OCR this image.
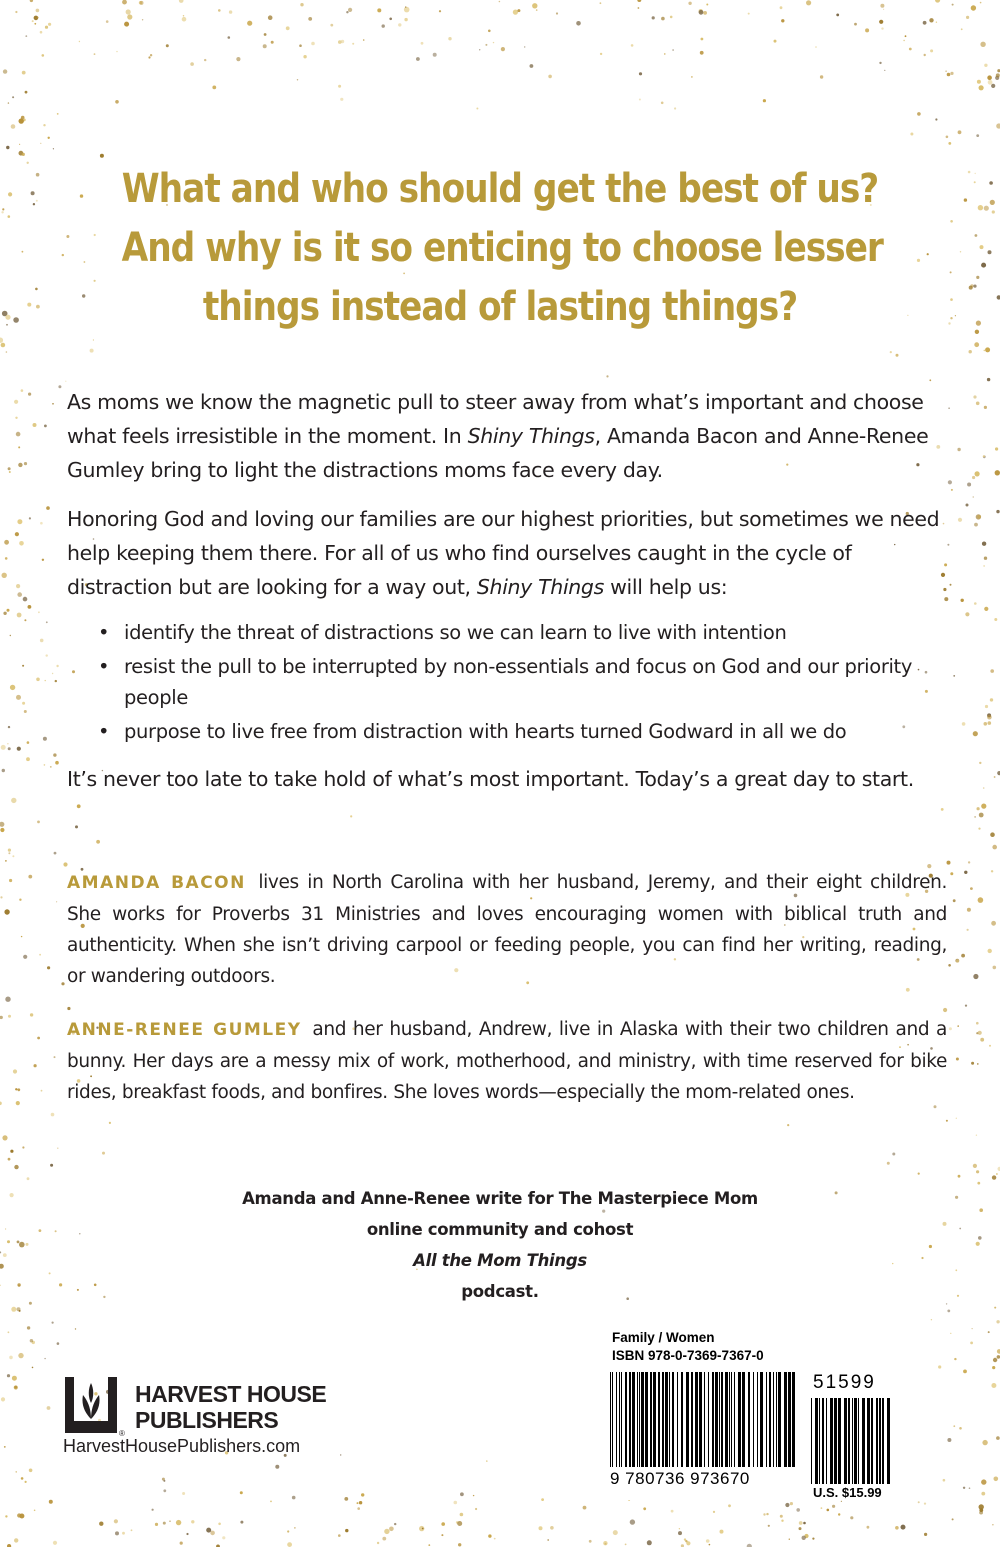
What and who should get the best of us?
And why is it so enticing to choose lesser
things instead of lasting things?

As moms we know the magnetic pull to steer away from what’s important and choose what feels irresistible in the moment. In Shiny Things, Amanda Bacon and Anne-Renee Gumley bring to light the distractions moms face every day.

Honoring God and loving our families are our highest priorities, but sometimes we need help keeping them there. For all of us who find ourselves caught in the cycle of distraction but are looking for a way out, Shiny Things will help us:

• identify the threat of distractions so we can learn to live with intention
• resist the pull to be interrupted by non-essentials and focus on God and our priority people
• purpose to live free from distraction with hearts turned Godward in all we do

It’s never too late to take hold of what’s most important. Today’s a great day to start.

AMANDA BACON lives in North Carolina with her husband, Jeremy, and their eight children. She works for Proverbs 31 Ministries and loves encouraging women with biblical truth and authenticity. When she isn’t driving carpool or feeding people, you can find her writing, reading, or wandering outdoors.

ANNE-RENEE GUMLEY and her husband, Andrew, live in Alaska with their two children and a bunny. Her days are a messy mix of work, motherhood, and ministry, with time reserved for bike rides, breakfast foods, and bonfires. She loves words—especially the mom-related ones.

Amanda and Anne-Renee write for The Masterpiece Mom
online community and cohost
All the Mom Things
podcast.
®
HARVEST HOUSE
PUBLISHERS
HarvestHousePublishers.com
Family / Women
ISBN 978-0-7369-7367-0
9 780736 973670
51599
U.S. $15.99
